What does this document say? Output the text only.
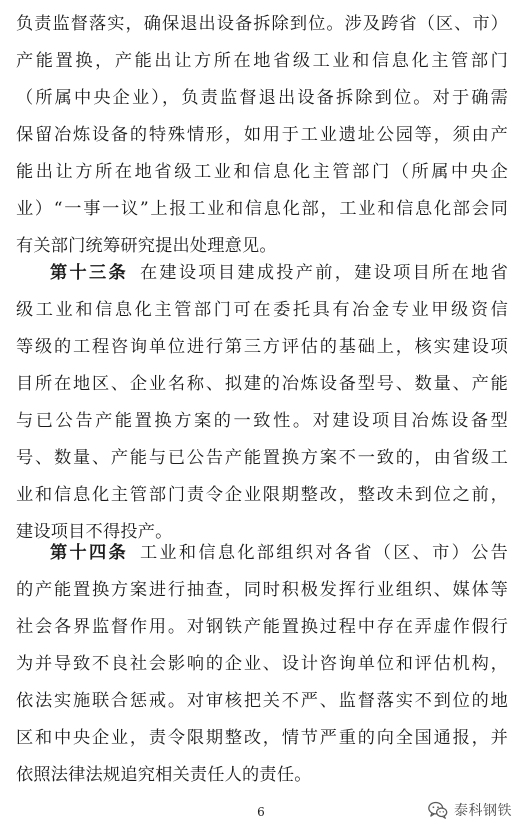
负责监督落实，确保退出设备拆除到位。涉及跨省（区、市）
产能置换，产能出让方所在地省级工业和信息化主管部门
（所属中央企业），负责监督退出设备拆除到位。对于确需
保留冶炼设备的特殊情形，如用于工业遗址公园等，须由产
能出让方所在地省级工业和信息化主管部门（所属中央企
业）“一事一议”上报工业和信息化部，工业和信息化部会同
有关部门统筹研究提出处理意见。
第十三条 在建设项目建成投产前，建设项目所在地省
级工业和信息化主管部门可在委托具有冶金专业甲级资信
等级的工程咨询单位进行第三方评估的基础上，核实建设项
目所在地区、企业名称、拟建的冶炼设备型号、数量、产能
与已公告产能置换方案的一致性。对建设项目冶炼设备型
号、数量、产能与已公告产能置换方案不一致的，由省级工
业和信息化主管部门责令企业限期整改，整改未到位之前，
建设项目不得投产。
第十四条 工业和信息化部组织对各省（区、市）公告
的产能置换方案进行抽查，同时积极发挥行业组织、媒体等
社会各界监督作用。对钢铁产能置换过程中存在弄虚作假行
为并导致不良社会影响的企业、设计咨询单位和评估机构，
依法实施联合惩戒。对审核把关不严、监督落实不到位的地
区和中央企业，责令限期整改，情节严重的向全国通报，并
依照法律法规追究相关责任人的责任。
6	泰科钢铁
